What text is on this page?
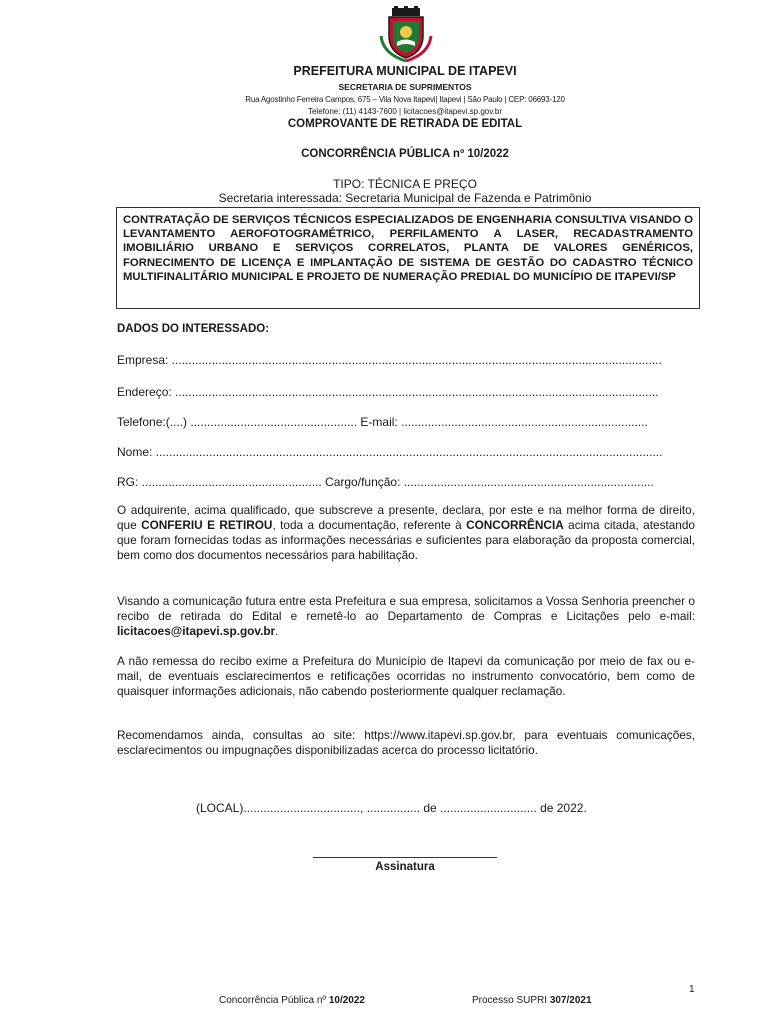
PREFEITURA MUNICIPAL DE ITAPEVI
SECRETARIA DE SUPRIMENTOS
Rua Agostinho Ferreira Campos, 675 – Vila Nova Itapevi| Itapevi | São Paulo | CEP: 06693-120
Telefone: (11) 4143-7600 | licitacoes@itapevi.sp.gov.br
COMPROVANTE DE RETIRADA DE EDITAL
CONCORRÊNCIA PÚBLICA nº 10/2022
TIPO: TÉCNICA E PREÇO
Secretaria interessada: Secretaria Municipal de Fazenda e Patrimônio
CONTRATAÇÃO DE SERVIÇOS TÉCNICOS ESPECIALIZADOS DE ENGENHARIA CONSULTIVA VISANDO O LEVANTAMENTO AEROFOTOGRAMÉTRICO, PERFILAMENTO A LASER, RECADASTRAMENTO IMOBILIÁRIO URBANO E SERVIÇOS CORRELATOS, PLANTA DE VALORES GENÉRICOS, FORNECIMENTO DE LICENÇA E IMPLANTAÇÃO DE SISTEMA DE GESTÃO DO CADASTRO TÉCNICO MULTIFINALITÁRIO MUNICIPAL E PROJETO DE NUMERAÇÃO PREDIAL DO MUNICÍPIO DE ITAPEVI/SP
DADOS DO INTERESSADO:
Empresa: ...................................................................................................................................................
Endereço: .................................................................................................................................................
Telefone:(....) .................................................. E-mail: ..........................................................................
Nome: ........................................................................................................................................................
RG: ...................................................... Cargo/função: ...........................................................................
O adquirente, acima qualificado, que subscreve a presente, declara, por este e na melhor forma de direito, que CONFERIU E RETIROU, toda a documentação, referente à CONCORRÊNCIA acima citada, atestando que foram fornecidas todas as informações necessárias e suficientes para elaboração da proposta comercial, bem como dos documentos necessários para habilitação.
Visando a comunicação futura entre esta Prefeitura e sua empresa, solicitamos a Vossa Senhoria preencher o recibo de retirada do Edital e remetê-lo ao Departamento de Compras e Licitações pelo e-mail: licitacoes@itapevi.sp.gov.br.
A não remessa do recibo exime a Prefeitura do Município de Itapevi da comunicação por meio de fax ou e-mail, de eventuais esclarecimentos e retificações ocorridas no instrumento convocatório, bem como de quaisquer informações adicionais, não cabendo posteriormente qualquer reclamação.
Recomendamos ainda, consultas ao site: https://www.itapevi.sp.gov.br, para eventuais comunicações, esclarecimentos ou impugnações disponibilizadas acerca do processo licitatório.
(LOCAL)..................................., ................ de ............................. de 2022.
Assinatura
1
Concorrência Pública nº 10/2022	Processo SUPRI 307/2021
